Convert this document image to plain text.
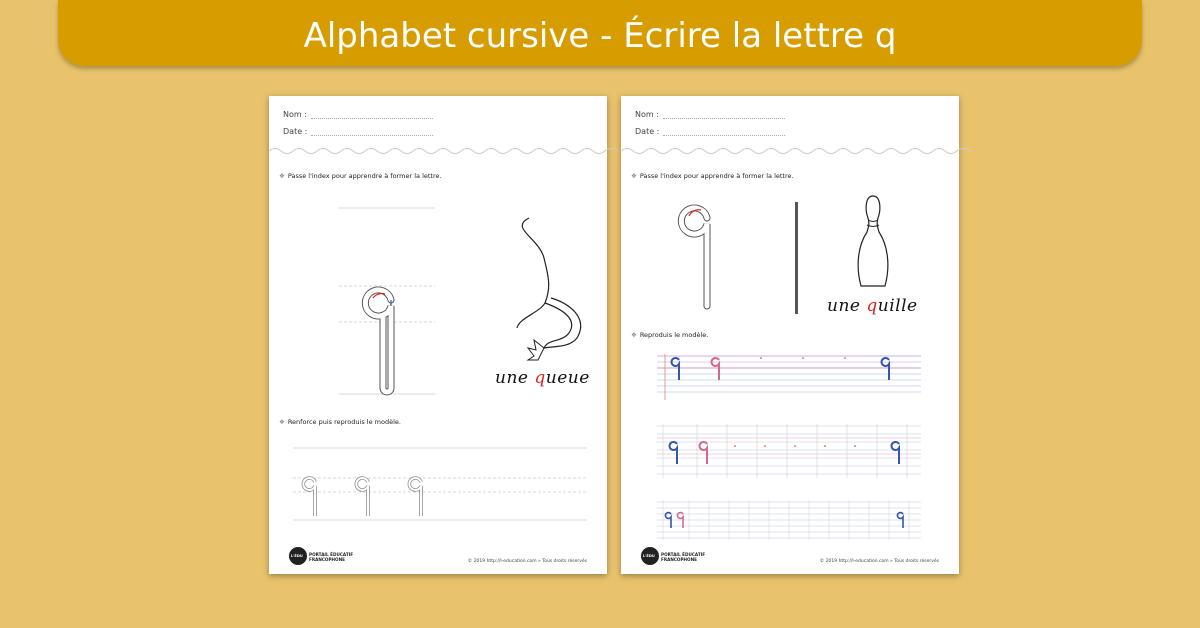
Alphabet cursive - Écrire la lettre q
Nom :
Date :
❖ Passe l'index pour apprendre à former la lettre.
une queue
❖ Renforce puis reproduis le modèle.
L'ÉDU PORTAIL ÉDUCATIF
FRANCOPHONE	© 2019 http://l-education.com » Tous droits réservés
Nom :
Date :
❖ Passe l'index pour apprendre à former la lettre.
une quille
❖ Reproduis le modèle.
L'ÉDU PORTAIL ÉDUCATIF
FRANCOPHONE	© 2019 http://l-education.com » Tous droits réservés
